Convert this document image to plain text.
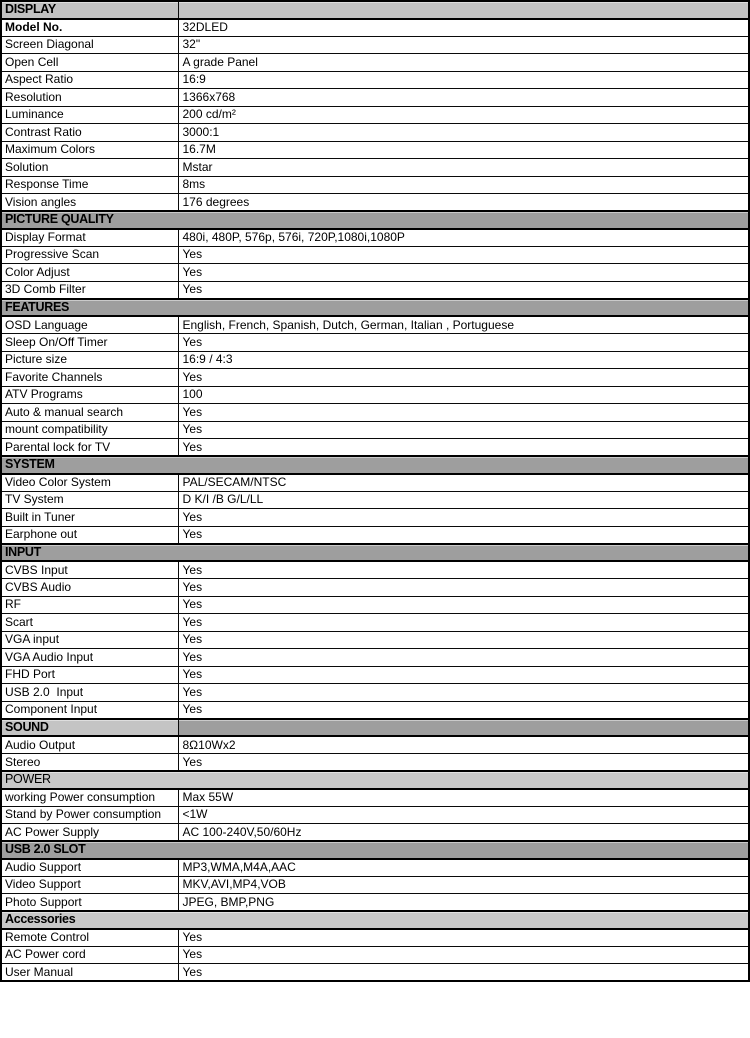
DISPLAY	
Model No.	32DLED
Screen Diagonal	32"
Open Cell	A grade Panel
Aspect Ratio	16:9
Resolution	1366x768
Luminance	200 cd/m²
Contrast Ratio	3000:1
Maximum Colors	16.7M
Solution	Mstar
Response Time	8ms
Vision angles	176 degrees
PICTURE QUALITY	
Display Format	480i, 480P, 576p, 576i, 720P,1080i,1080P
Progressive Scan	Yes
Color Adjust	Yes
3D Comb Filter	Yes
FEATURES	
OSD Language	English, French, Spanish, Dutch, German, Italian , Portuguese
Sleep On/Off Timer	Yes
Picture size	16:9 / 4:3
Favorite Channels	Yes
ATV Programs	100
Auto & manual search	Yes
mount compatibility	Yes
Parental lock for TV	Yes
SYSTEM	
Video Color System	PAL/SECAM/NTSC
TV System	D K/I /B G/L/LL
Built in Tuner	Yes
Earphone out	Yes
INPUT	
CVBS Input	Yes
CVBS Audio	Yes
RF	Yes
Scart	Yes
VGA input	Yes
VGA Audio Input	Yes
FHD Port	Yes
USB 2.0  Input	Yes
Component Input	Yes
SOUND	
Audio Output	8Ω10Wx2
Stereo	Yes
POWER	
working Power consumption	Max 55W
Stand by Power consumption	<1W
AC Power Supply	AC 100-240V,50/60Hz
USB 2.0 SLOT	
Audio Support	MP3,WMA,M4A,AAC
Video Support	MKV,AVI,MP4,VOB
Photo Support	JPEG, BMP,PNG
Accessories	
Remote Control	Yes
AC Power cord	Yes
User Manual	Yes
